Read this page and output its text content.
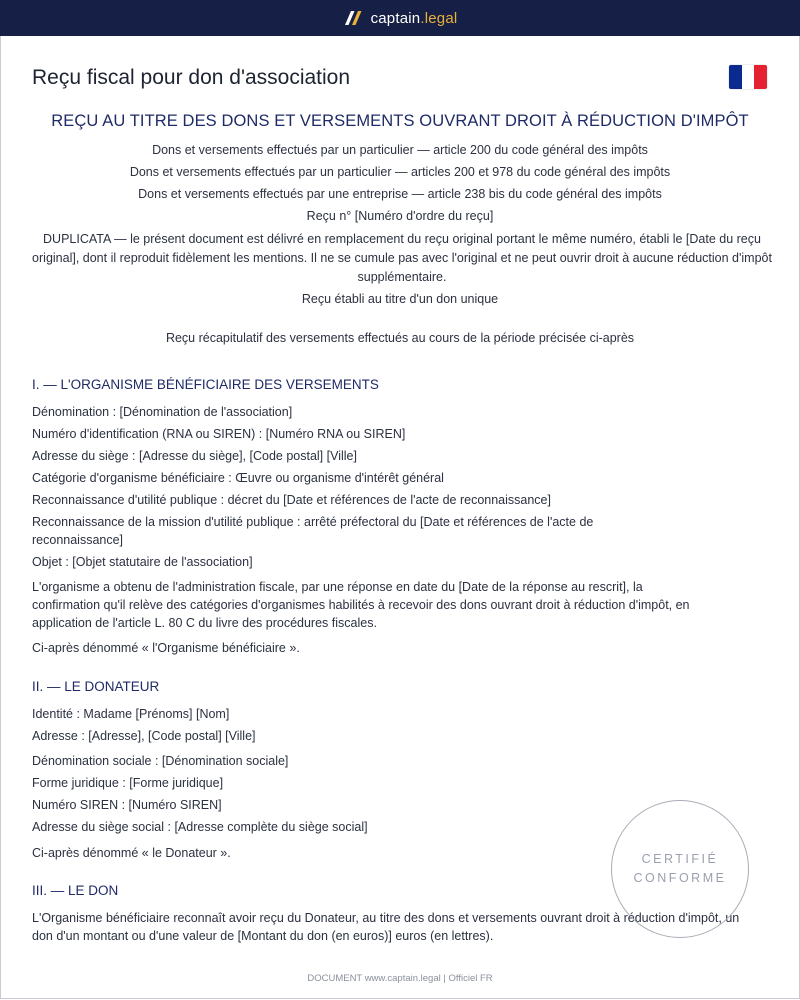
captain.legal
Reçu fiscal pour don d'association
REÇU AU TITRE DES DONS ET VERSEMENTS OUVRANT DROIT À RÉDUCTION D'IMPÔT

Dons et versements effectués par un particulier — article 200 du code général des impôts

Dons et versements effectués par un particulier — articles 200 et 978 du code général des impôts

Dons et versements effectués par une entreprise — article 238 bis du code général des impôts

Reçu n° [Numéro d'ordre du reçu]

DUPLICATA — le présent document est délivré en remplacement du reçu original portant le même numéro, établi le [Date du reçu original], dont il reproduit fidèlement les mentions. Il ne se cumule pas avec l'original et ne peut ouvrir droit à aucune réduction d'impôt supplémentaire.

Reçu établi au titre d'un don unique

Reçu récapitulatif des versements effectués au cours de la période précisée ci-après

I. — L'ORGANISME BÉNÉFICIAIRE DES VERSEMENTS

Dénomination : [Dénomination de l'association]

Numéro d'identification (RNA ou SIREN) : [Numéro RNA ou SIREN]

Adresse du siège : [Adresse du siège], [Code postal] [Ville]

Catégorie d'organisme bénéficiaire : Œuvre ou organisme d'intérêt général

Reconnaissance d'utilité publique : décret du [Date et références de l'acte de reconnaissance]

Reconnaissance de la mission d'utilité publique : arrêté préfectoral du [Date et références de l'acte de reconnaissance]

Objet : [Objet statutaire de l'association]

L'organisme a obtenu de l'administration fiscale, par une réponse en date du [Date de la réponse au rescrit], la confirmation qu'il relève des catégories d'organismes habilités à recevoir des dons ouvrant droit à réduction d'impôt, en application de l'article L. 80 C du livre des procédures fiscales.

Ci-après dénommé « l'Organisme bénéficiaire ».

II. — LE DONATEUR

Identité : Madame [Prénoms] [Nom]

Adresse : [Adresse], [Code postal] [Ville]

Dénomination sociale : [Dénomination sociale]

Forme juridique : [Forme juridique]

Numéro SIREN : [Numéro SIREN]

Adresse du siège social : [Adresse complète du siège social]

Ci-après dénommé « le Donateur ».

III. — LE DON

L'Organisme bénéficiaire reconnaît avoir reçu du Donateur, au titre des dons et versements ouvrant droit à réduction d'impôt, un don d'un montant ou d'une valeur de [Montant du don (en euros)] euros (en lettres).

CERTIFIÉ
CONFORME

DOCUMENT www.captain.legal | Officiel FR
